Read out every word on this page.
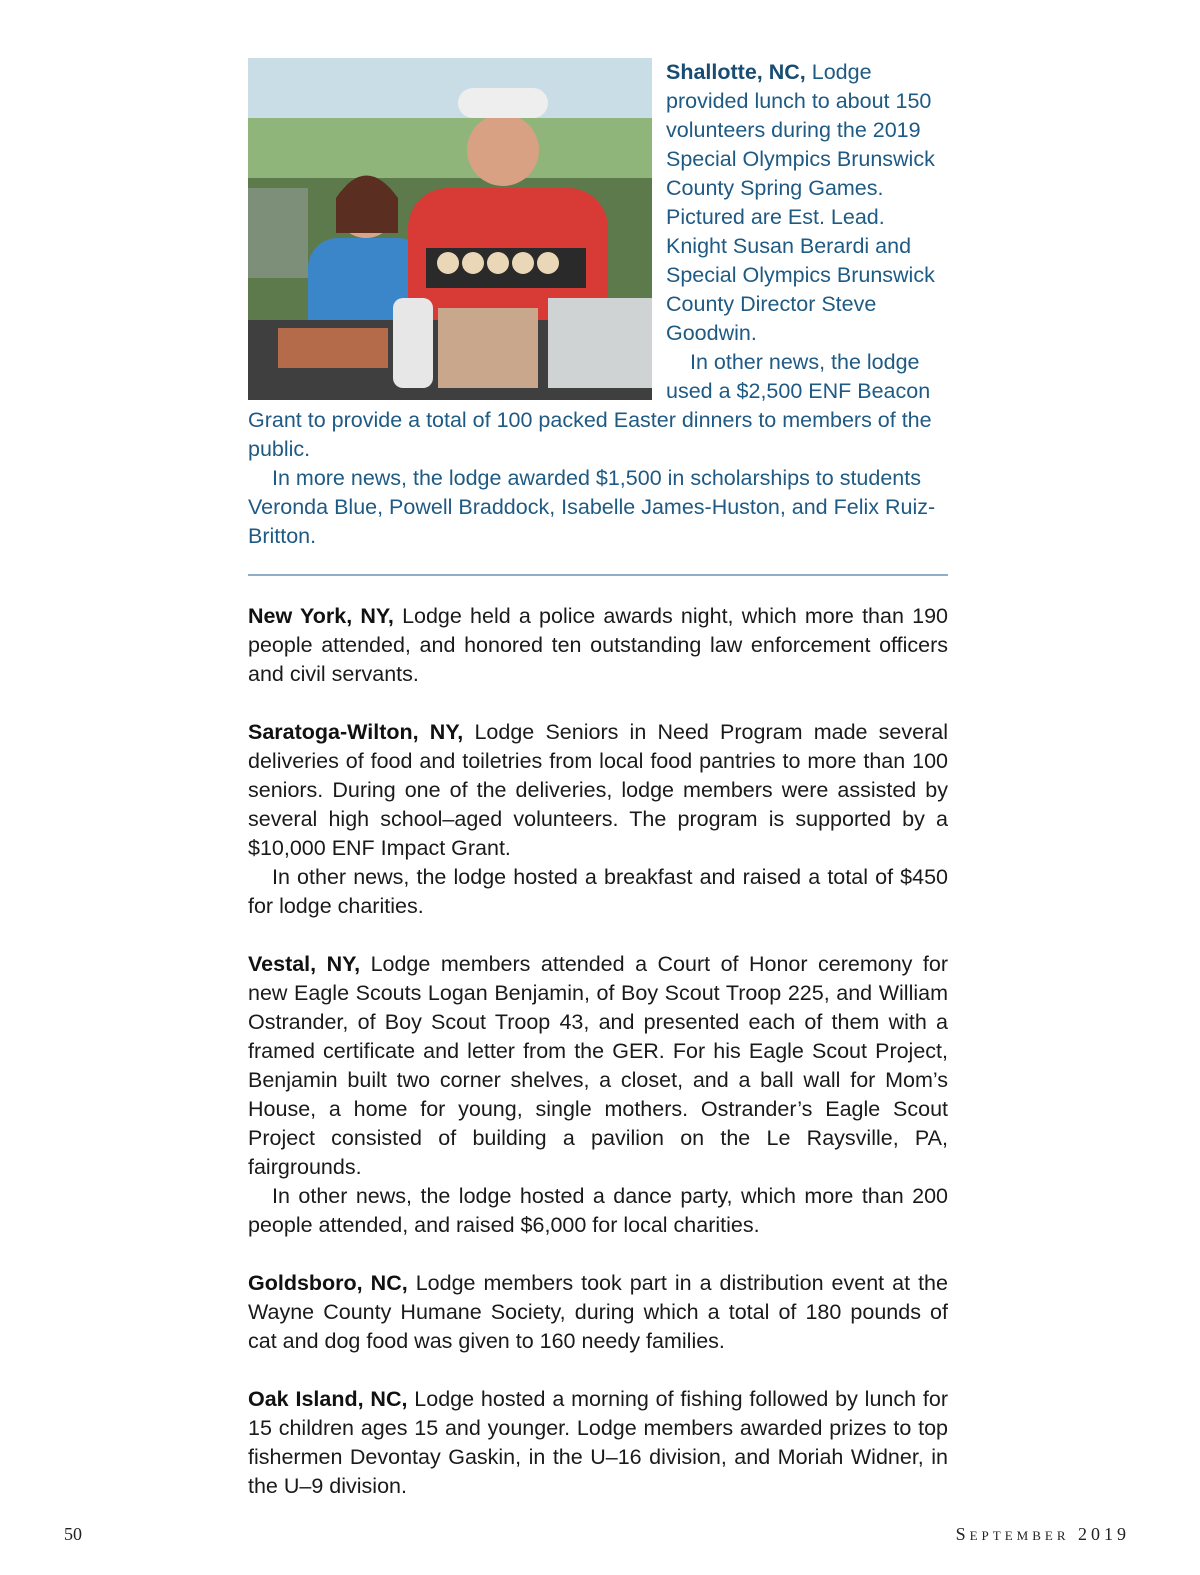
Shallotte, NC, Lodge provided lunch to about 150 volunteers during the 2019 Special Olympics Brunswick County Spring Games. Pictured are Est. Lead. Knight Susan Berardi and Special Olympics Brunswick County Director Steve Goodwin.

In other news, the lodge used a $2,500 ENF Beacon Grant to provide a total of 100 packed Easter dinners to members of the public.

In more news, the lodge awarded $1,500 in scholarships to students Veronda Blue, Powell Braddock, Isabelle James-Huston, and Felix Ruiz-Britton.

New York, NY, Lodge held a police awards night, which more than 190 people attended, and honored ten outstanding law enforcement officers and civil servants.

Saratoga-Wilton, NY, Lodge Seniors in Need Program made several deliveries of food and toiletries from local food pantries to more than 100 seniors. During one of the deliveries, lodge members were assisted by several high school–aged volunteers. The program is supported by a $10,000 ENF Impact Grant.

In other news, the lodge hosted a breakfast and raised a total of $450 for lodge charities.

Vestal, NY, Lodge members attended a Court of Honor ceremony for new Eagle Scouts Logan Benjamin, of Boy Scout Troop 225, and William Ostrander, of Boy Scout Troop 43, and presented each of them with a framed certificate and letter from the GER. For his Eagle Scout Project, Benjamin built two corner shelves, a closet, and a ball wall for Mom’s House, a home for young, single mothers. Ostrander’s Eagle Scout Project consisted of building a pavilion on the Le Raysville, PA, fairgrounds.

In other news, the lodge hosted a dance party, which more than 200 people attended, and raised $6,000 for local charities.

Goldsboro, NC, Lodge members took part in a distribution event at the Wayne County Humane Society, during which a total of 180 pounds of cat and dog food was given to 160 needy families.

Oak Island, NC, Lodge hosted a morning of fishing followed by lunch for 15 children ages 15 and younger. Lodge members awarded prizes to top fishermen Devontay Gaskin, in the U–16 division, and Moriah Widner, in the U–9 division.

50	September 2019
